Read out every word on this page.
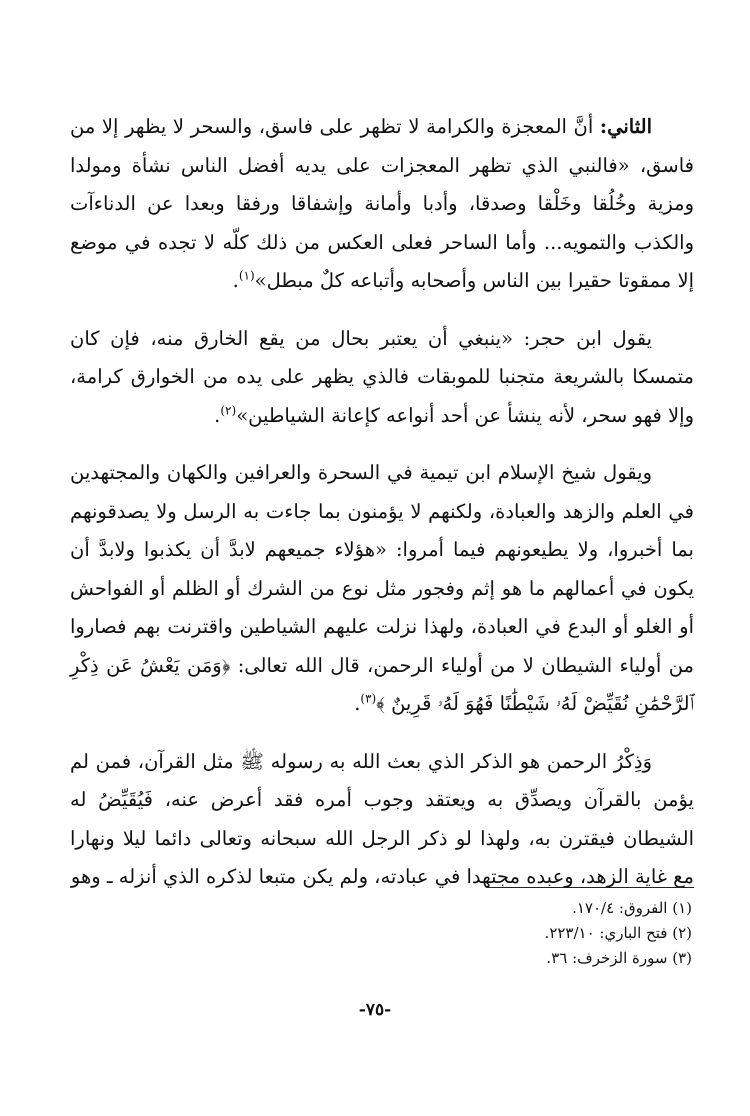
الثاني: أنَّ المعجزة والكرامة لا تظهر على فاسق، والسحر لا يظهر إلا من فاسق، «فالنبي الذي تظهر المعجزات على يديه أفضل الناس نشأة ومولدا ومزية وخُلُقا وخَلْقا وصدقا، وأدبا وأمانة وإشفاقا ورفقا وبعدا عن الدناءآت والكذب والتمويه... وأما الساحر فعلى العكس من ذلك كلّه لا تجده في موضع إلا ممقوتا حقيرا بين الناس وأصحابه وأتباعه كلٌ مبطل»$^{(١)}$.

يقول ابن حجر: «ينبغي أن يعتبر بحال من يقع الخارق منه، فإن كان متمسكا بالشريعة متجنبا للموبقات فالذي يظهر على يده من الخوارق كرامة، وإلا فهو سحر، لأنه ينشأ عن أحد أنواعه كإعانة الشياطين»$^{(٢)}$.

ويقول شيخ الإسلام ابن تيمية في السحرة والعرافين والكهان والمجتهدين في العلم والزهد والعبادة، ولكنهم لا يؤمنون بما جاءت به الرسل ولا يصدقونهم بما أخبروا، ولا يطيعونهم فيما أمروا: «هؤلاء جميعهم لابدَّ أن يكذبوا ولابدَّ أن يكون في أعمالهم ما هو إثم وفجور مثل نوع من الشرك أو الظلم أو الفواحش أو الغلو أو البدع في العبادة، ولهذا نزلت عليهم الشياطين واقترنت بهم فصاروا من أولياء الشيطان لا من أولياء الرحمن، قال الله تعالى: ﴿وَمَن يَعْشُ عَن ذِكْرِ ٱلرَّحْمَٰنِ نُقَيِّضْ لَهُۥ شَيْطَٰنًا فَهُوَ لَهُۥ قَرِينٌ ﴾$^{(٣)}$.

وَذِكْرُ الرحمن هو الذكر الذي بعث الله به رسوله ﷺ مثل القرآن، فمن لم يؤمن بالقرآن ويصدِّق به ويعتقد وجوب أمره فقد أعرض عنه، فَيُقَيِّضُ له الشيطان فيقترن به، ولهذا لو ذكر الرجل الله سبحانه وتعالى دائما ليلا ونهارا مع غاية الزهد، وعبده مجتهدا في عبادته، ولم يكن متبعا لذكره الذي أنزله ـ وهو

(١) الفروق: ١٧٠/٤.
(٢) فتح الباري: ٢٢٣/١٠.
(٣) سورة الزخرف: ٣٦.
-٧٥-
